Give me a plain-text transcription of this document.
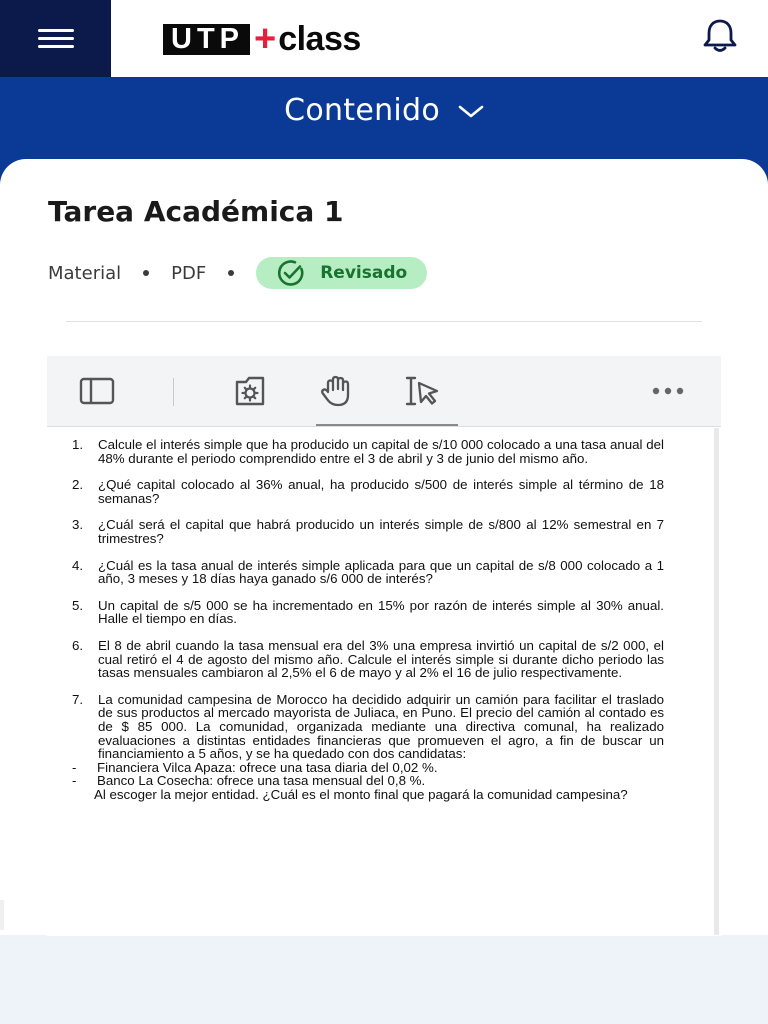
UTP + class
Contenido
Tarea Académica 1
Material	PDF	Revisado
1.	Calcule el interés simple que ha producido un capital de s/10 000 colocado a una tasa anual del 48% durante el periodo comprendido entre el 3 de abril y 3 de junio del mismo año.
2.	¿Qué capital colocado al 36% anual, ha producido s/500 de interés simple al término de 18 semanas?
3.	¿Cuál será el capital que habrá producido un interés simple de s/800 al 12% semestral en 7 trimestres?
4.	¿Cuál es la tasa anual de interés simple aplicada para que un capital de s/8 000 colocado a 1 año, 3 meses y 18 días haya ganado s/6 000 de interés?
5.	Un capital de s/5 000 se ha incrementado en 15% por razón de interés simple al 30% anual. Halle el tiempo en días.
6.	El 8 de abril cuando la tasa mensual era del 3% una empresa invirtió un capital de s/2 000, el cual retiró el 4 de agosto del mismo año. Calcule el interés simple si durante dicho periodo las tasas mensuales cambiaron al 2,5% el 6 de mayo y al 2% el 16 de julio respectivamente.
7.	La comunidad campesina de Morocco ha decidido adquirir un camión para facilitar el traslado de sus productos al mercado mayorista de Juliaca, en Puno. El precio del camión al contado es de $ 85 000. La comunidad, organizada mediante una directiva comunal, ha realizado evaluaciones a distintas entidades financieras que promueven el agro, a fin de buscar un financiamiento a 5 años, y se ha quedado con dos candidatas:
-	Financiera Vilca Apaza: ofrece una tasa diaria del 0,02 %.
-	Banco La Cosecha: ofrece una tasa mensual del 0,8 %.
Al escoger la mejor entidad. ¿Cuál es el monto final que pagará la comunidad campesina?
